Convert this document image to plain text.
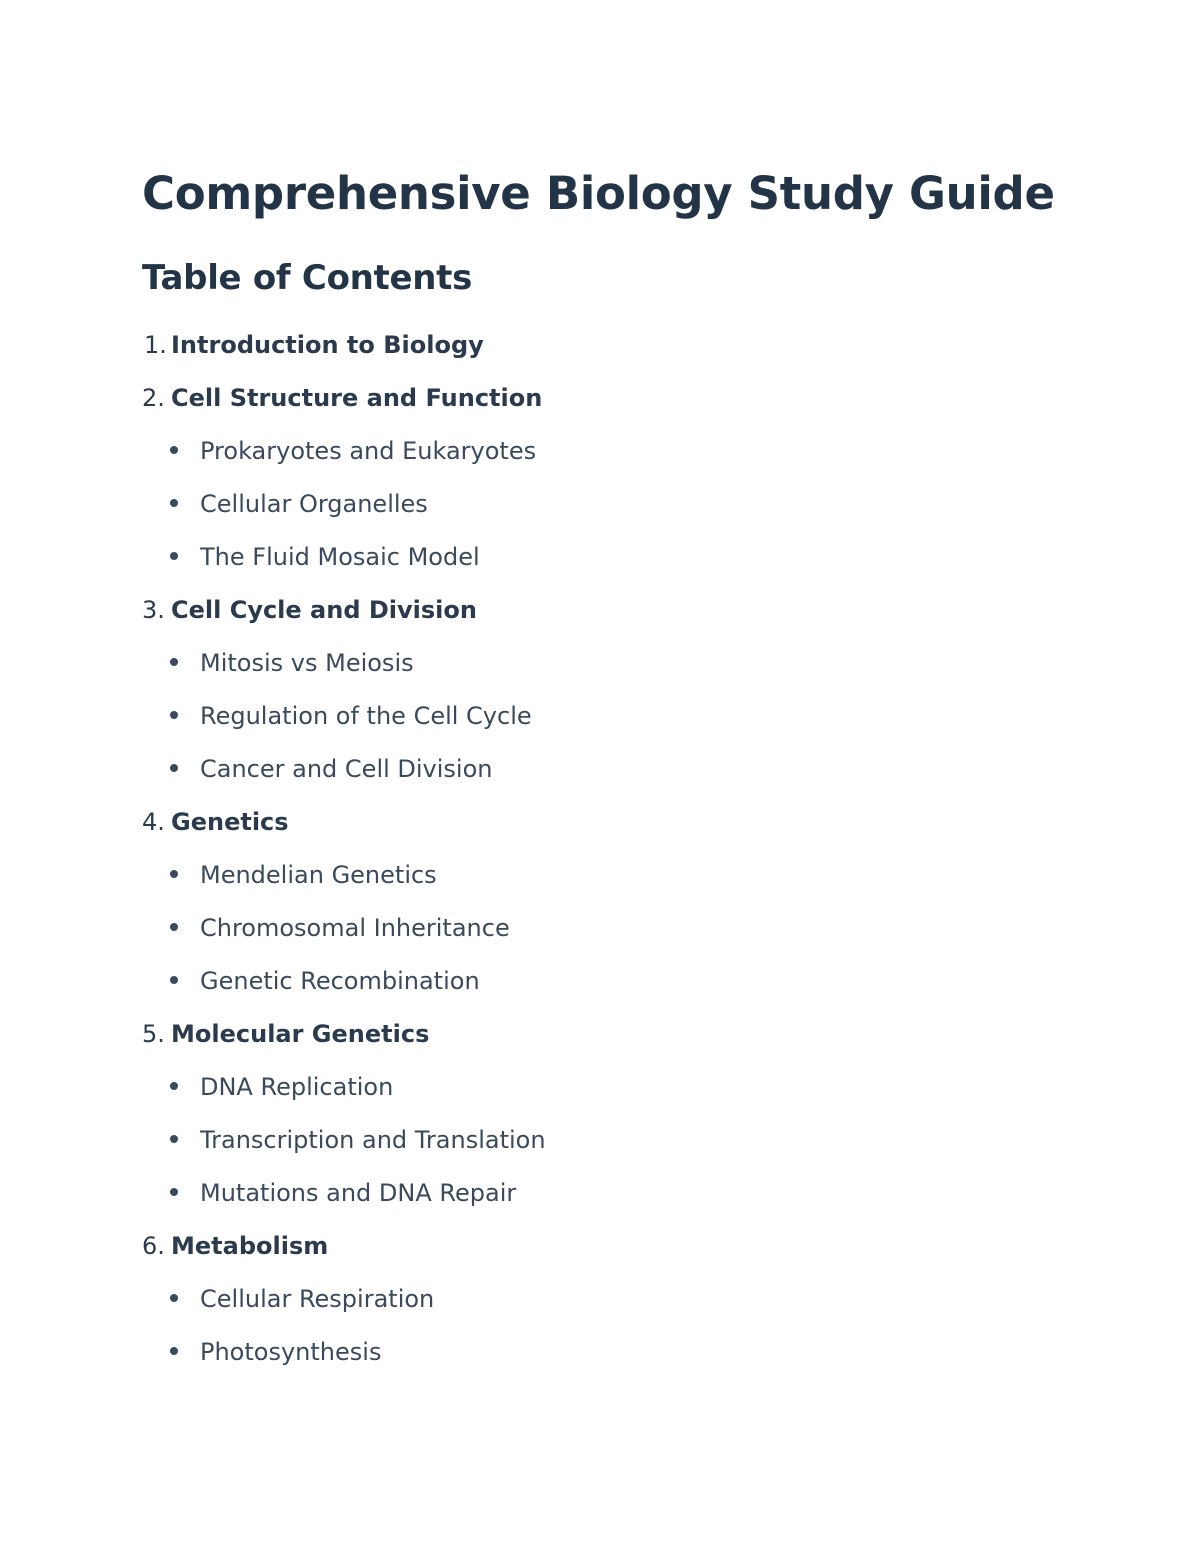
Comprehensive Biology Study Guide
Table of Contents
1. Introduction to Biology
2. Cell Structure and Function
Prokaryotes and Eukaryotes
Cellular Organelles
The Fluid Mosaic Model
3. Cell Cycle and Division
Mitosis vs Meiosis
Regulation of the Cell Cycle
Cancer and Cell Division
4. Genetics
Mendelian Genetics
Chromosomal Inheritance
Genetic Recombination
5. Molecular Genetics
DNA Replication
Transcription and Translation
Mutations and DNA Repair
6. Metabolism
Cellular Respiration
Photosynthesis
